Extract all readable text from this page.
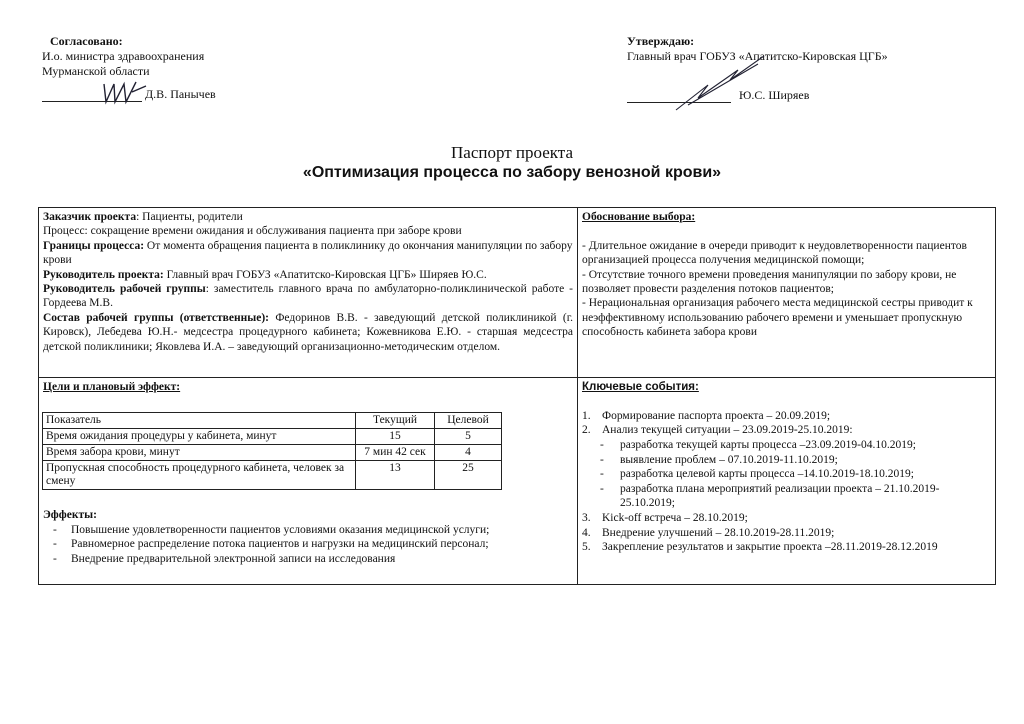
Согласовано:
И.о. министра здравоохранения
Мурманской области
Д.В. Панычев
Утверждаю:
Главный врач ГОБУЗ «Апатитско-Кировская ЦГБ»
Ю.С. Ширяев
Паспорт проекта
«Оптимизация процесса по забору венозной крови»
Заказчик проекта: Пациенты, родители
Процесс: сокращение времени ожидания и обслуживания пациента при заборе крови
Границы процесса: От момента обращения пациента в поликлинику до окончания манипуляции по забору крови
Руководитель проекта: Главный врач ГОБУЗ «Апатитско-Кировская ЦГБ» Ширяев Ю.С.
Руководитель рабочей группы: заместитель главного врача по амбулаторно-поликлинической работе - Гордеева М.В.
Состав рабочей группы (ответственные): Федоринов В.В. - заведующий детской поликлиникой (г. Кировск), Лебедева Ю.Н.- медсестра процедурного кабинета; Кожевникова Е.Ю. - старшая медсестра детской поликлиники; Яковлева И.А. – заведующий организационно-методическим отделом.
Обоснование выбора:

- Длительное ожидание в очереди приводит к неудовлетворенности пациентов организацией процесса получения медицинской помощи;
- Отсутствие точного времени проведения манипуляции по забору крови, не позволяет провести разделения потоков пациентов;
- Нерациональная организация рабочего места медицинской сестры приводит к неэффективному использованию рабочего времени и уменьшает пропускную способность кабинета забора крови
Цели и плановый эффект:
Показатель	Текущий	Целевой
Время ожидания процедуры у кабинета, минут	15	5
Время забора крови, минут	7 мин 42 сек	4
Пропускная способность процедурного кабинета, человек за смену	13	25
Эффекты:
- Повышение удовлетворенности пациентов условиями оказания медицинской услуги;
- Равномерное распределение потока пациентов и нагрузки на медицинский персонал;
- Внедрение предварительной электронной записи на исследования
Ключевые события:

1. Формирование паспорта проекта – 20.09.2019;
2. Анализ текущей ситуации – 23.09.2019-25.10.2019:
- разработка текущей карты процесса –23.09.2019-04.10.2019;
- выявление проблем – 07.10.2019-11.10.2019;
- разработка целевой карты процесса –14.10.2019-18.10.2019;
- разработка плана мероприятий реализации проекта – 21.10.2019-25.10.2019;
3. Kick-off встреча – 28.10.2019;
4. Внедрение улучшений – 28.10.2019-28.11.2019;
5. Закрепление результатов и закрытие проекта –28.11.2019-28.12.2019
